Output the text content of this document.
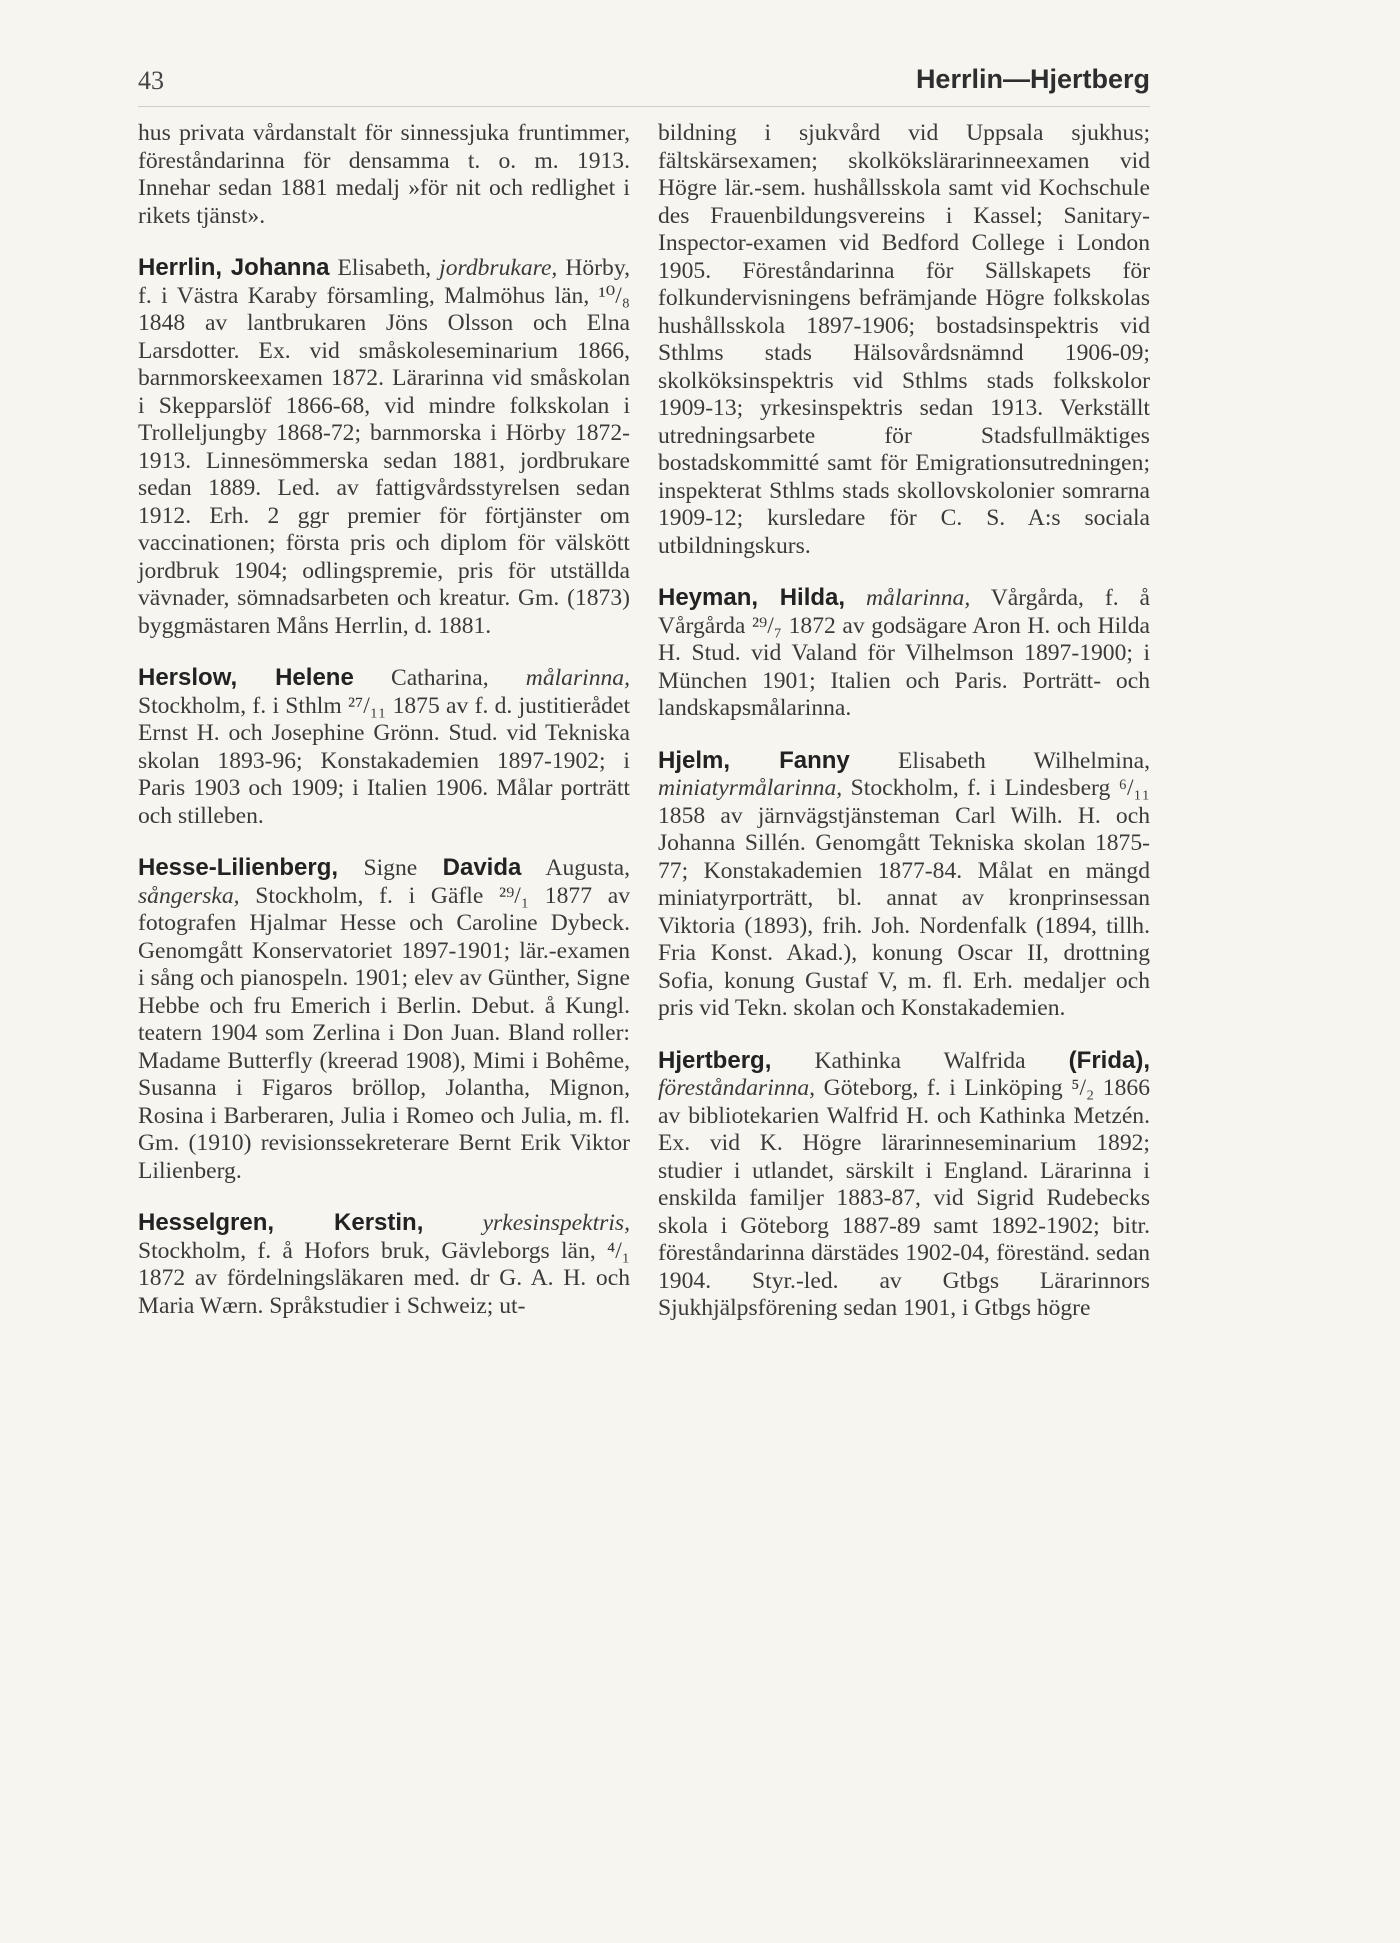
43	Herrlin—Hjertberg

hus privata vårdanstalt för sinnessjuka fruntimmer, föreståndarinna för densamma t. o. m. 1913. Innehar sedan 1881 medalj »för nit och redlighet i rikets tjänst».

Herrlin, Johanna Elisabeth, jordbrukare, Hörby, f. i Västra Karaby församling, Malmöhus län, ¹⁰/₈ 1848 av lantbrukaren Jöns Olsson och Elna Larsdotter. Ex. vid småskoleseminarium 1866, barnmorskeexamen 1872. Lärarinna vid småskolan i Skepparslöf 1866-68, vid mindre folkskolan i Trolleljungby 1868-72; barnmorska i Hörby 1872-1913. Linnesömmerska sedan 1881, jordbrukare sedan 1889. Led. av fattigvårdsstyrelsen sedan 1912. Erh. 2 ggr premier för förtjänster om vaccinationen; första pris och diplom för välskött jordbruk 1904; odlingspremie, pris för utställda vävnader, sömnadsarbeten och kreatur. Gm. (1873) byggmästaren Måns Herrlin, d. 1881.

Herslow, Helene Catharina, målarinna, Stockholm, f. i Sthlm ²⁷/₁₁ 1875 av f. d. justitierådet Ernst H. och Josephine Grönn. Stud. vid Tekniska skolan 1893-96; Konstakademien 1897-1902; i Paris 1903 och 1909; i Italien 1906. Målar porträtt och stilleben.

Hesse-Lilienberg, Signe Davida Augusta, sångerska, Stockholm, f. i Gäfle ²⁹/₁ 1877 av fotografen Hjalmar Hesse och Caroline Dybeck. Genomgått Konservatoriet 1897-1901; lär.-examen i sång och pianospeln. 1901; elev av Günther, Signe Hebbe och fru Emerich i Berlin. Debut. å Kungl. teatern 1904 som Zerlina i Don Juan. Bland roller: Madame Butterfly (kreerad 1908), Mimi i Bohême, Susanna i Figaros bröllop, Jolantha, Mignon, Rosina i Barberaren, Julia i Romeo och Julia, m. fl. Gm. (1910) revisionssekreterare Bernt Erik Viktor Lilienberg.

Hesselgren, Kerstin,	yrkesinspektris, Stockholm, f. å Hofors bruk, Gävleborgs län, ⁴/₁ 1872 av fördelningsläkaren med. dr G. A. H. och Maria Wærn. Språkstudier i Schweiz; ut-

bildning i sjukvård vid Uppsala sjukhus; fältskärsexamen; skolkökslärarinneexamen vid Högre lär.-sem. hushållsskola samt vid Kochschule des Frauenbildungsvereins i Kassel; Sanitary-Inspector-examen vid Bedford College i London 1905. Föreståndarinna för Sällskapets för folkundervisningens befrämjande Högre folkskolas hushållsskola 1897-1906; bostadsinspektris vid Sthlms stads Hälsovårdsnämnd 1906-09; skolköksinspektris vid Sthlms stads folkskolor 1909-13; yrkesinspektris sedan 1913. Verkställt utredningsarbete för Stadsfullmäktiges bostadskommitté samt för Emigrationsutredningen; inspekterat Sthlms stads skollovskolonier somrarna 1909-12; kursledare för C. S. A:s sociala utbildningskurs.

Heyman, Hilda, målarinna, Vårgårda, f. å Vårgårda ²⁹/₇ 1872 av godsägare Aron H. och Hilda H. Stud. vid Valand för Vilhelmson 1897-1900; i München 1901; Italien och Paris. Porträtt- och landskapsmålarinna.

Hjelm, Fanny Elisabeth Wilhelmina, miniatyrmålarinna, Stockholm, f. i Lindesberg ⁶/₁₁ 1858 av järnvägstjänsteman Carl Wilh. H. och Johanna Sillén. Genomgått Tekniska skolan 1875-77; Konstakademien 1877-84. Målat en mängd miniatyrporträtt, bl. annat av kronprinsessan Viktoria (1893), frih. Joh. Nordenfalk (1894, tillh. Fria Konst. Akad.), konung Oscar II, drottning Sofia, konung Gustaf V, m. fl. Erh. medaljer och pris vid Tekn. skolan och Konstakademien.

Hjertberg, Kathinka Walfrida (Frida), föreståndarinna, Göteborg, f. i Linköping ⁵/₂ 1866 av bibliotekarien Walfrid H. och Kathinka Metzén. Ex. vid K. Högre lärarinneseminarium 1892; studier i utlandet, särskilt i England. Lärarinna i enskilda familjer 1883-87, vid Sigrid Rudebecks skola i Göteborg 1887-89 samt 1892-1902; bitr. föreståndarinna därstädes 1902-04, föreständ. sedan 1904. Styr.-led. av Gtbgs Lärarinnors Sjukhjälpsförening sedan 1901, i Gtbgs högre
